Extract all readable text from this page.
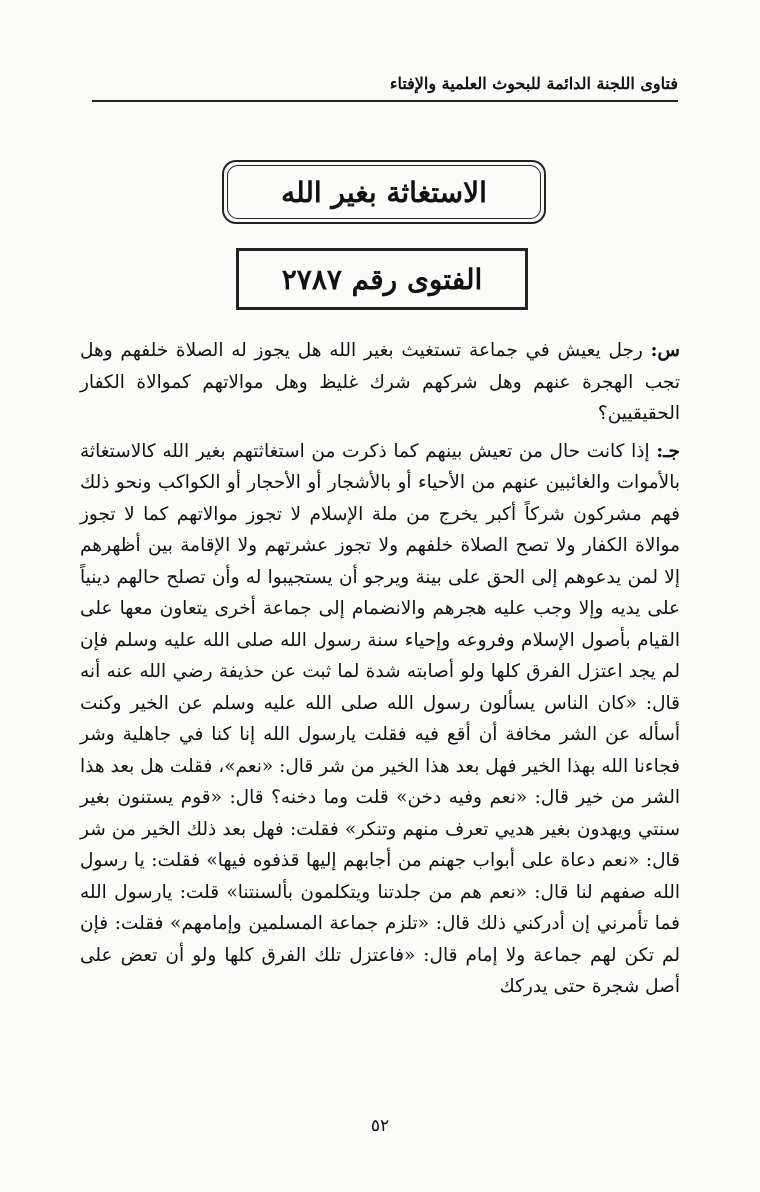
فتاوى اللجنة الدائمة للبحوث العلمية والإفتاء
الاستغاثة بغير الله
الفتوى رقم ٢٧٨٧

س: رجل يعيش في جماعة تستغيث بغير الله هل يجوز له الصلاة خلفهم وهل تجب الهجرة عنهم وهل شركهم شرك غليظ وهل موالاتهم كموالاة الكفار الحقيقيين؟

جـ: إذا كانت حال من تعيش بينهم كما ذكرت من استغاثتهم بغير الله كالاستغاثة بالأموات والغائبين عنهم من الأحياء أو بالأشجار أو الأحجار أو الكواكب ونحو ذلك فهم مشركون شركاً أكبر يخرج من ملة الإسلام لا تجوز موالاتهم كما لا تجوز موالاة الكفار ولا تصح الصلاة خلفهم ولا تجوز عشرتهم ولا الإقامة بين أظهرهم إلا لمن يدعوهم إلى الحق على بينة ويرجو أن يستجيبوا له وأن تصلح حالهم دينياً على يديه وإلا وجب عليه هجرهم والانضمام إلى جماعة أخرى يتعاون معها على القيام بأصول الإسلام وفروعه وإحياء سنة رسول الله صلى الله عليه وسلم فإن لم يجد اعتزل الفرق كلها ولو أصابته شدة لما ثبت عن حذيفة رضي الله عنه أنه قال: «كان الناس يسألون رسول الله صلى الله عليه وسلم عن الخير وكنت أسأله عن الشر مخافة أن أقع فيه فقلت يارسول الله إنا كنا في جاهلية وشر فجاءنا الله بهذا الخير فهل بعد هذا الخير من شر قال: «نعم»، فقلت هل بعد هذا الشر من خير قال: «نعم وفيه دخن» قلت وما دخنه؟ قال: «قوم يستنون بغير سنتي ويهدون بغير هديي تعرف منهم وتنكر» فقلت: فهل بعد ذلك الخير من شر قال: «نعم دعاة على أبواب جهنم من أجابهم إليها قذفوه فيها» فقلت: يا رسول الله صفهم لنا قال: «نعم هم من جلدتنا ويتكلمون بألسنتنا» قلت: يارسول الله فما تأمرني إن أدركني ذلك قال: «تلزم جماعة المسلمين وإمامهم» فقلت: فإن لم تكن لهم جماعة ولا إمام قال: «فاعتزل تلك الفرق كلها ولو أن تعض على أصل شجرة حتى يدركك

٥٢
